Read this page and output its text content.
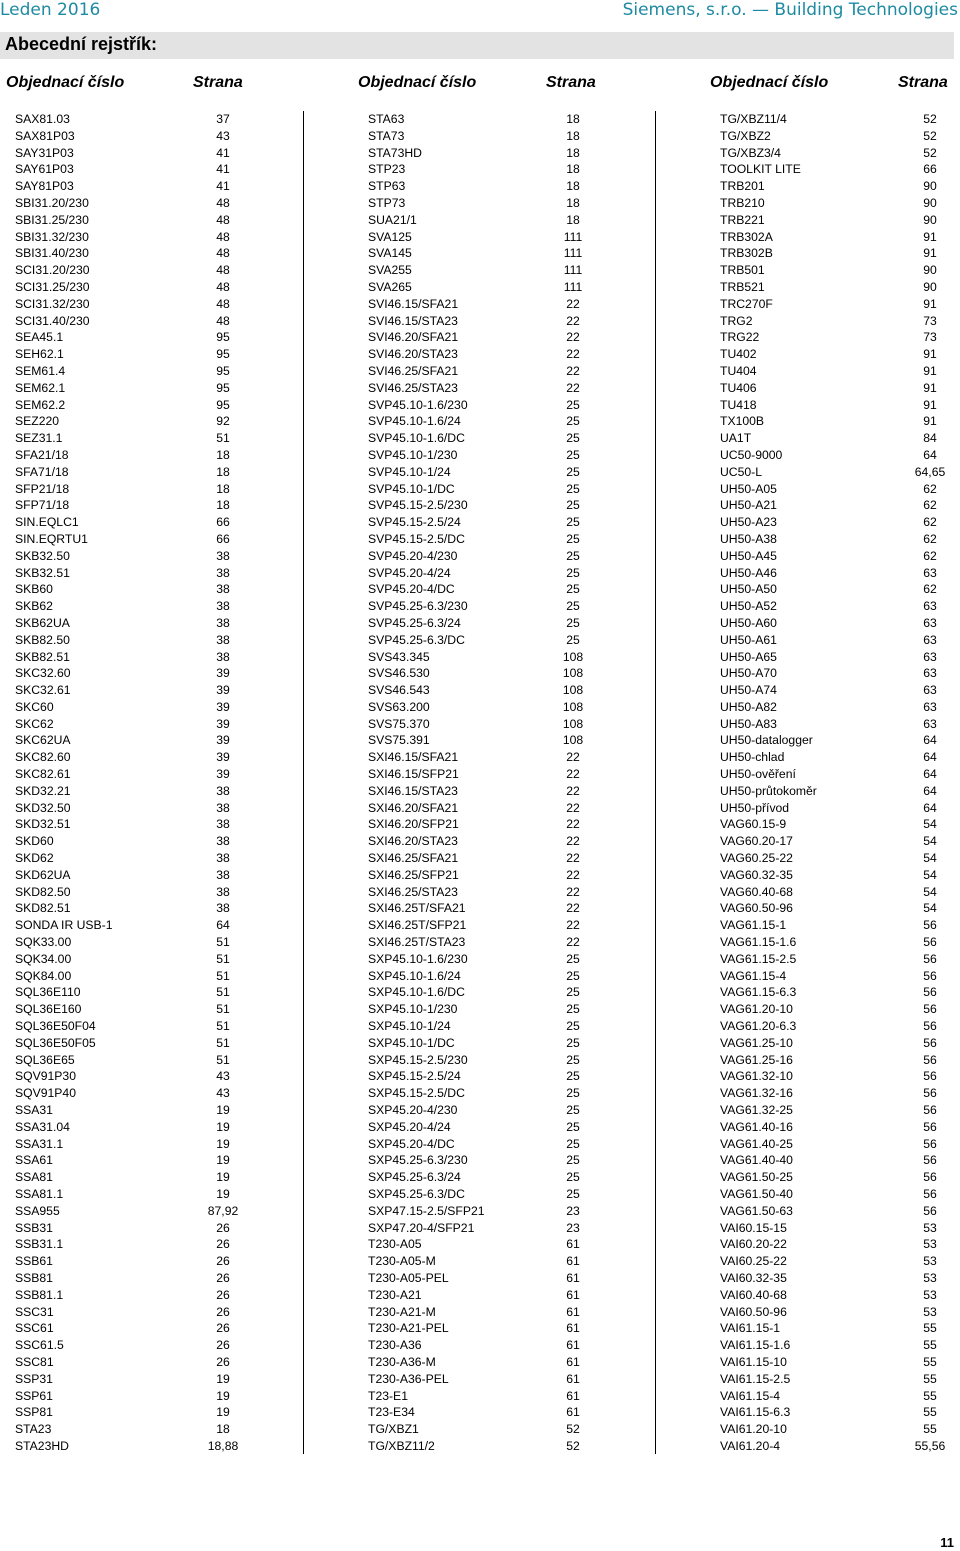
Leden 2016	Siemens, s.r.o. — Building Technologies
Abecední rejstřík:
Objednací číslo	Strana	Objednací číslo	Strana	Objednací číslo	Strana
SAX81.03	37
SAX81P03	43
SAY31P03	41
SAY61P03	41
SAY81P03	41
SBI31.20/230	48
SBI31.25/230	48
SBI31.32/230	48
SBI31.40/230	48
SCI31.20/230	48
SCI31.25/230	48
SCI31.32/230	48
SCI31.40/230	48
SEA45.1	95
SEH62.1	95
SEM61.4	95
SEM62.1	95
SEM62.2	95
SEZ220	92
SEZ31.1	51
SFA21/18	18
SFA71/18	18
SFP21/18	18
SFP71/18	18
SIN.EQLC1	66
SIN.EQRTU1	66
SKB32.50	38
SKB32.51	38
SKB60	38
SKB62	38
SKB62UA	38
SKB82.50	38
SKB82.51	38
SKC32.60	39
SKC32.61	39
SKC60	39
SKC62	39
SKC62UA	39
SKC82.60	39
SKC82.61	39
SKD32.21	38
SKD32.50	38
SKD32.51	38
SKD60	38
SKD62	38
SKD62UA	38
SKD82.50	38
SKD82.51	38
SONDA IR USB-1	64
SQK33.00	51
SQK34.00	51
SQK84.00	51
SQL36E110	51
SQL36E160	51
SQL36E50F04	51
SQL36E50F05	51
SQL36E65	51
SQV91P30	43
SQV91P40	43
SSA31	19
SSA31.04	19
SSA31.1	19
SSA61	19
SSA81	19
SSA81.1	19
SSA955	87,92
SSB31	26
SSB31.1	26
SSB61	26
SSB81	26
SSB81.1	26
SSC31	26
SSC61	26
SSC61.5	26
SSC81	26
SSP31	19
SSP61	19
SSP81	19
STA23	18
STA23HD	18,88
STA63	18
STA73	18
STA73HD	18
STP23	18
STP63	18
STP73	18
SUA21/1	18
SVA125	111
SVA145	111
SVA255	111
SVA265	111
SVI46.15/SFA21	22
SVI46.15/STA23	22
SVI46.20/SFA21	22
SVI46.20/STA23	22
SVI46.25/SFA21	22
SVI46.25/STA23	22
SVP45.10-1.6/230	25
SVP45.10-1.6/24	25
SVP45.10-1.6/DC	25
SVP45.10-1/230	25
SVP45.10-1/24	25
SVP45.10-1/DC	25
SVP45.15-2.5/230	25
SVP45.15-2.5/24	25
SVP45.15-2.5/DC	25
SVP45.20-4/230	25
SVP45.20-4/24	25
SVP45.20-4/DC	25
SVP45.25-6.3/230	25
SVP45.25-6.3/24	25
SVP45.25-6.3/DC	25
SVS43.345	108
SVS46.530	108
SVS46.543	108
SVS63.200	108
SVS75.370	108
SVS75.391	108
SXI46.15/SFA21	22
SXI46.15/SFP21	22
SXI46.15/STA23	22
SXI46.20/SFA21	22
SXI46.20/SFP21	22
SXI46.20/STA23	22
SXI46.25/SFA21	22
SXI46.25/SFP21	22
SXI46.25/STA23	22
SXI46.25T/SFA21	22
SXI46.25T/SFP21	22
SXI46.25T/STA23	22
SXP45.10-1.6/230	25
SXP45.10-1.6/24	25
SXP45.10-1.6/DC	25
SXP45.10-1/230	25
SXP45.10-1/24	25
SXP45.10-1/DC	25
SXP45.15-2.5/230	25
SXP45.15-2.5/24	25
SXP45.15-2.5/DC	25
SXP45.20-4/230	25
SXP45.20-4/24	25
SXP45.20-4/DC	25
SXP45.25-6.3/230	25
SXP45.25-6.3/24	25
SXP45.25-6.3/DC	25
SXP47.15-2.5/SFP21	23
SXP47.20-4/SFP21	23
T230-A05	61
T230-A05-M	61
T230-A05-PEL	61
T230-A21	61
T230-A21-M	61
T230-A21-PEL	61
T230-A36	61
T230-A36-M	61
T230-A36-PEL	61
T23-E1	61
T23-E34	61
TG/XBZ1	52
TG/XBZ11/2	52
TG/XBZ11/4	52
TG/XBZ2	52
TG/XBZ3/4	52
TOOLKIT LITE	66
TRB201	90
TRB210	90
TRB221	90
TRB302A	91
TRB302B	91
TRB501	90
TRB521	90
TRC270F	91
TRG2	73
TRG22	73
TU402	91
TU404	91
TU406	91
TU418	91
TX100B	91
UA1T	84
UC50-9000	64
UC50-L	64,65
UH50-A05	62
UH50-A21	62
UH50-A23	62
UH50-A38	62
UH50-A45	62
UH50-A46	63
UH50-A50	62
UH50-A52	63
UH50-A60	63
UH50-A61	63
UH50-A65	63
UH50-A70	63
UH50-A74	63
UH50-A82	63
UH50-A83	63
UH50-datalogger	64
UH50-chlad	64
UH50-ověření	64
UH50-průtokoměr	64
UH50-přívod	64
VAG60.15-9	54
VAG60.20-17	54
VAG60.25-22	54
VAG60.32-35	54
VAG60.40-68	54
VAG60.50-96	54
VAG61.15-1	56
VAG61.15-1.6	56
VAG61.15-2.5	56
VAG61.15-4	56
VAG61.15-6.3	56
VAG61.20-10	56
VAG61.20-6.3	56
VAG61.25-10	56
VAG61.25-16	56
VAG61.32-10	56
VAG61.32-16	56
VAG61.32-25	56
VAG61.40-16	56
VAG61.40-25	56
VAG61.40-40	56
VAG61.50-25	56
VAG61.50-40	56
VAG61.50-63	56
VAI60.15-15	53
VAI60.20-22	53
VAI60.25-22	53
VAI60.32-35	53
VAI60.40-68	53
VAI60.50-96	53
VAI61.15-1	55
VAI61.15-1.6	55
VAI61.15-10	55
VAI61.15-2.5	55
VAI61.15-4	55
VAI61.15-6.3	55
VAI61.20-10	55
VAI61.20-4	55,56
11
